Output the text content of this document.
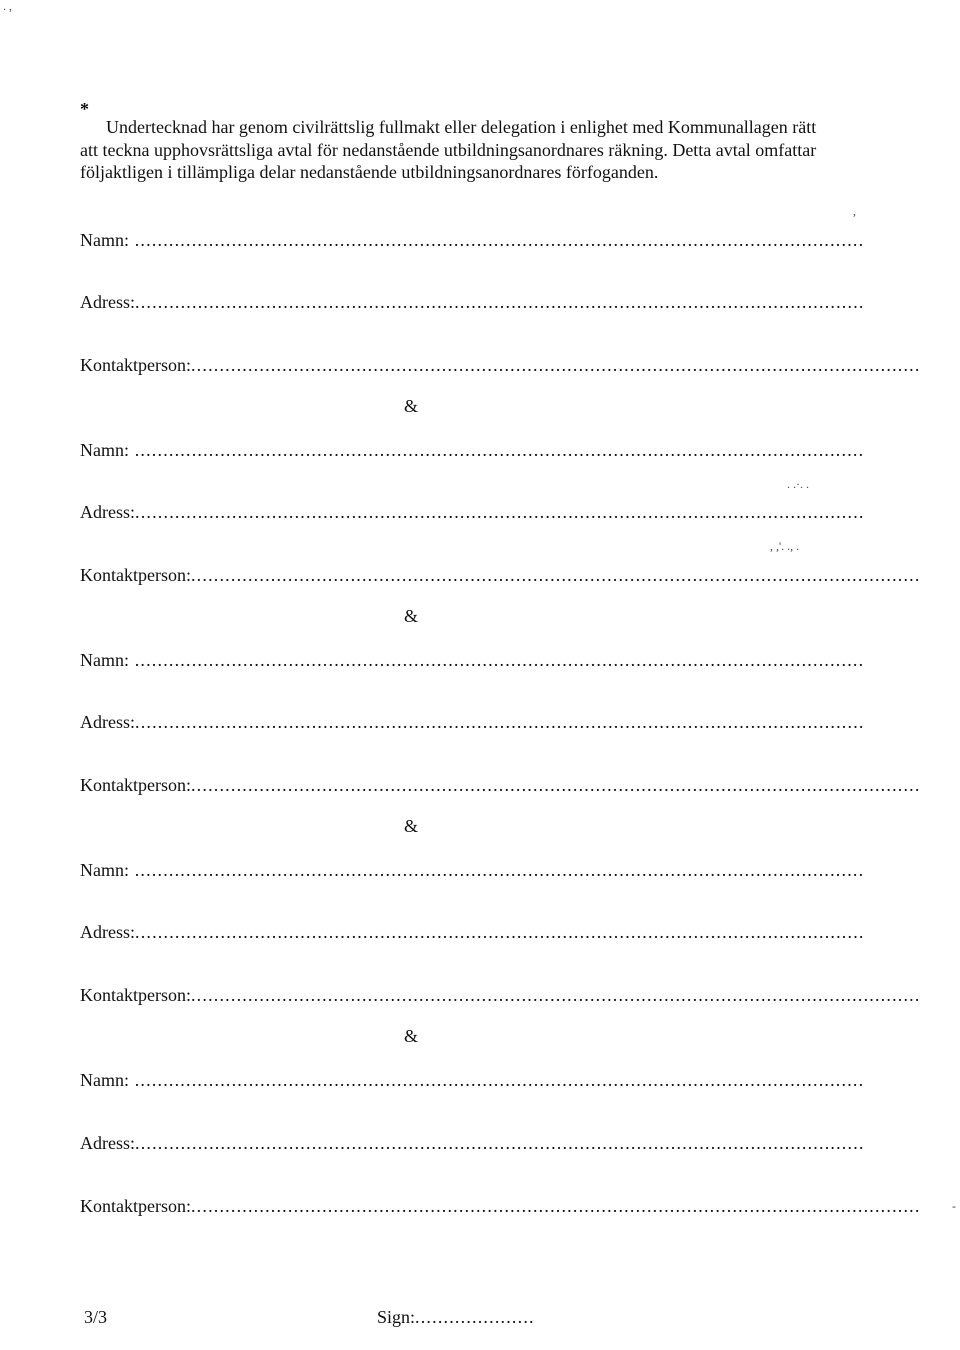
*
Undertecknad har genom civilrättslig fullmakt eller delegation i enlighet med Kommunallagen rätt
att teckna upphovsrättsliga avtal för nedanstående utbildningsanordnares räkning. Detta avtal omfattar
följaktligen i tillämpliga delar nedanstående utbildningsanordnares förfoganden.
Namn: ................................................................................................................................
Adress:................................................................................................................................
Kontaktperson:................................................................................................................................
&
Namn: ................................................................................................................................
Adress:................................................................................................................................
Kontaktperson:................................................................................................................................
&
Namn: ................................................................................................................................
Adress:................................................................................................................................
Kontaktperson:................................................................................................................................
&
Namn: ................................................................................................................................
Adress:................................................................................................................................
Kontaktperson:................................................................................................................................
&
Namn: ................................................................................................................................
Adress:................................................................................................................................
Kontaktperson:................................................................................................................................
3/3	Sign:.....................
. ,
,
. .·. .
, ,'. ., .
-
